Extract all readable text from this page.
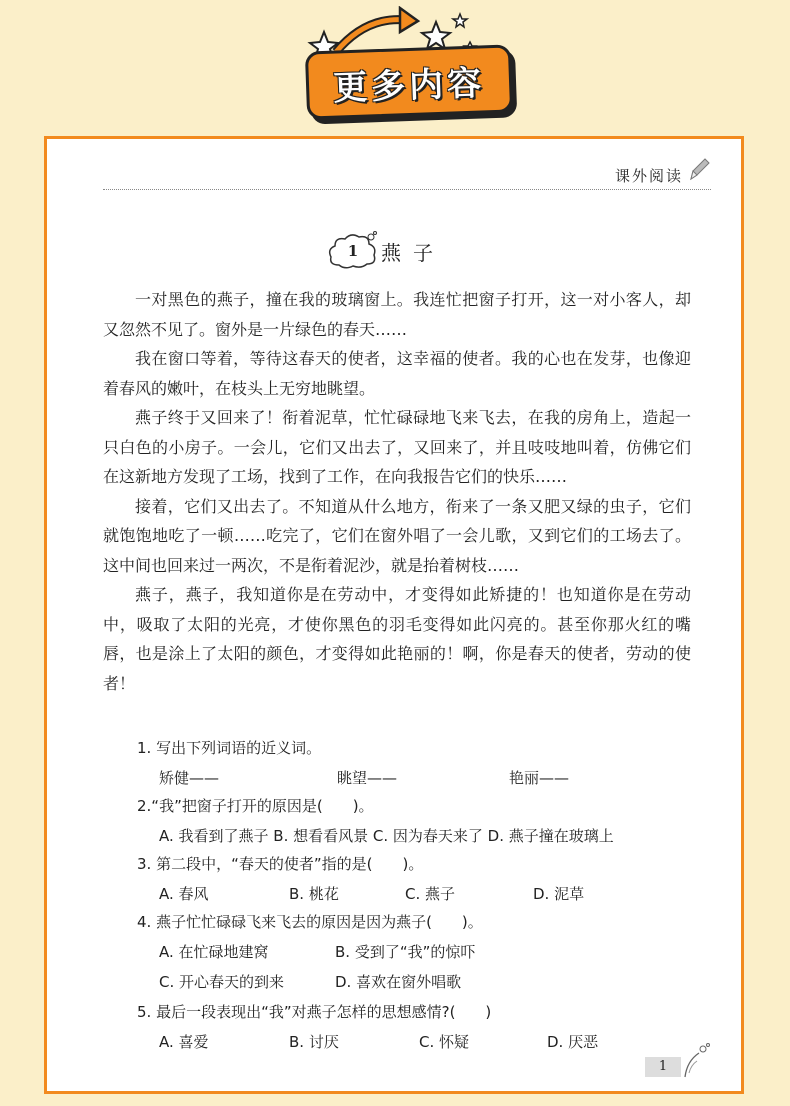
更多内容
课外阅读
1	燕子

一对黑色的燕子，撞在我的玻璃窗上。我连忙把窗子打开，这一对小客人，却又忽然不见了。窗外是一片绿色的春天……

我在窗口等着，等待这春天的使者，这幸福的使者。我的心也在发芽，也像迎着春风的嫩叶，在枝头上无穷地眺望。

燕子终于又回来了！衔着泥草，忙忙碌碌地飞来飞去，在我的房角上，造起一只白色的小房子。一会儿，它们又出去了，又回来了，并且吱吱地叫着，仿佛它们在这新地方发现了工场，找到了工作，在向我报告它们的快乐……

接着，它们又出去了。不知道从什么地方，衔来了一条又肥又绿的虫子，它们就饱饱地吃了一顿……吃完了，它们在窗外唱了一会儿歌，又到它们的工场去了。这中间也回来过一两次，不是衔着泥沙，就是抬着树枝……

燕子，燕子，我知道你是在劳动中，才变得如此矫捷的！也知道你是在劳动中，吸取了太阳的光亮，才使你黑色的羽毛变得如此闪亮的。甚至你那火红的嘴唇，也是涂上了太阳的颜色，才变得如此艳丽的！啊，你是春天的使者，劳动的使者！

1. 写出下列词语的近义词。
矫健——	眺望——	艳丽——
2.“我”把窗子打开的原因是(　　)。
A. 我看到了燕子 B. 想看看风景 C. 因为春天来了 D. 燕子撞在玻璃上
3. 第二段中，“春天的使者”指的是(　　)。
A. 春风	B. 桃花	C. 燕子	D. 泥草
4. 燕子忙忙碌碌飞来飞去的原因是因为燕子(　　)。
A. 在忙碌地建窝	B. 受到了“我”的惊吓
C. 开心春天的到来	D. 喜欢在窗外唱歌
5. 最后一段表现出“我”对燕子怎样的思想感情?(　　)
A. 喜爱	B. 讨厌	C. 怀疑	D. 厌恶
1
